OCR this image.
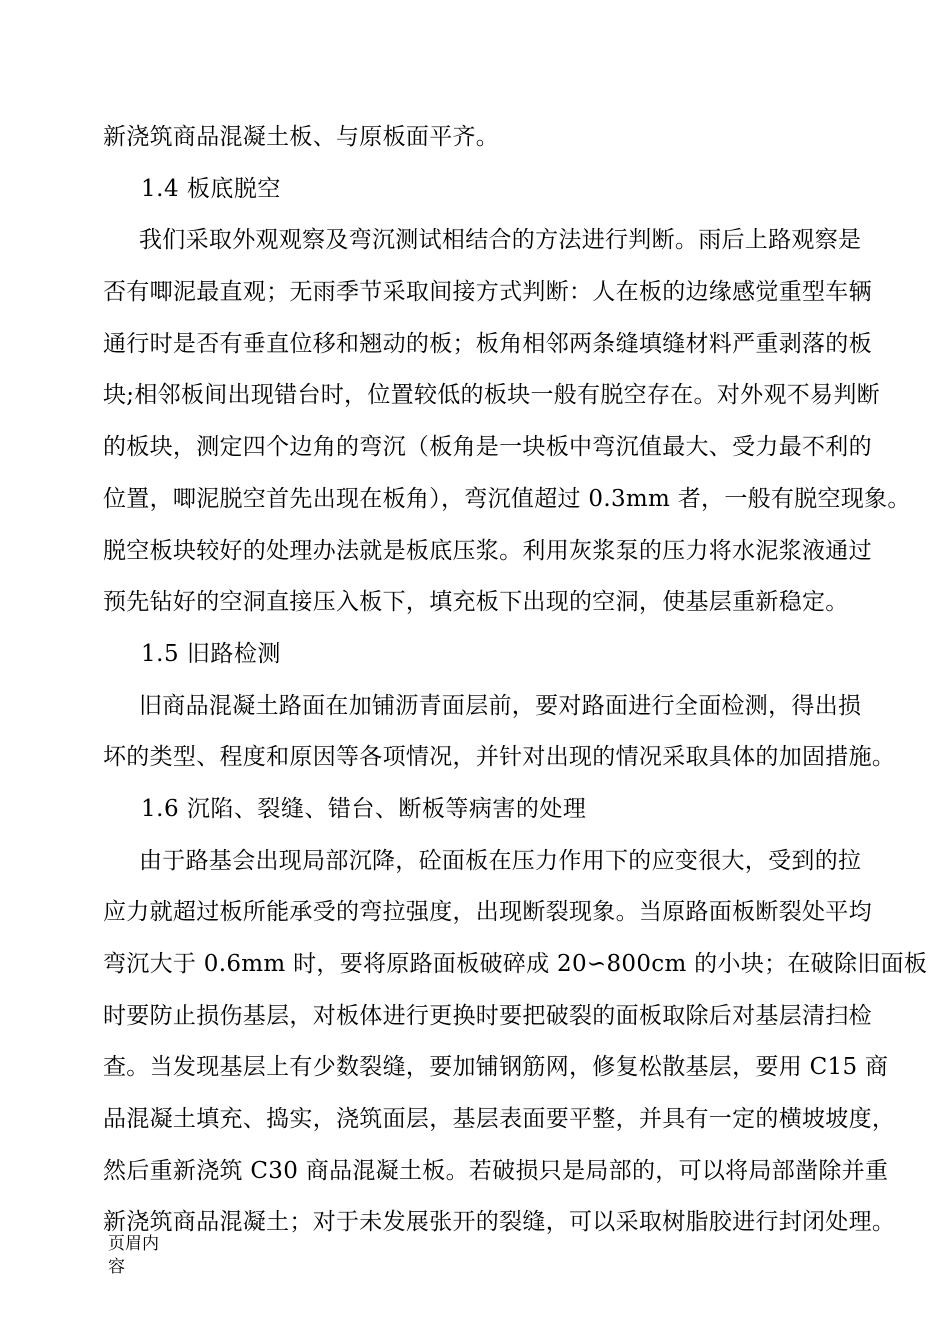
新浇筑商品混凝土板、与原板面平齐。
1.4 板底脱空
我们采取外观观察及弯沉测试相结合的方法进行判断。雨后上路观察是
否有唧泥最直观；无雨季节采取间接方式判断：人在板的边缘感觉重型车辆
通行时是否有垂直位移和翘动的板；板角相邻两条缝填缝材料严重剥落的板
块;相邻板间出现错台时，位置较低的板块一般有脱空存在。对外观不易判断
的板块，测定四个边角的弯沉（板角是一块板中弯沉值最大、受力最不利的
位置，唧泥脱空首先出现在板角），弯沉值超过 0.3mm 者，一般有脱空现象。
脱空板块较好的处理办法就是板底压浆。利用灰浆泵的压力将水泥浆液通过
预先钻好的空洞直接压入板下，填充板下出现的空洞，使基层重新稳定。
1.5 旧路检测
旧商品混凝土路面在加铺沥青面层前，要对路面进行全面检测，得出损
坏的类型、程度和原因等各项情况，并针对出现的情况采取具体的加固措施。
1.6 沉陷、裂缝、错台、断板等病害的处理
由于路基会出现局部沉降，砼面板在压力作用下的应变很大，受到的拉
应力就超过板所能承受的弯拉强度，出现断裂现象。当原路面板断裂处平均
弯沉大于 0.6mm 时，要将原路面板破碎成 20∽800cm 的小块；在破除旧面板
时要防止损伤基层，对板体进行更换时要把破裂的面板取除后对基层清扫检
查。当发现基层上有少数裂缝，要加铺钢筋网，修复松散基层，要用 C15 商
品混凝土填充、捣实，浇筑面层，基层表面要平整，并具有一定的横坡坡度，
然后重新浇筑 C30 商品混凝土板。若破损只是局部的，可以将局部凿除并重
新浇筑商品混凝土；对于未发展张开的裂缝，可以采取树脂胶进行封闭处理。
页眉内
容
